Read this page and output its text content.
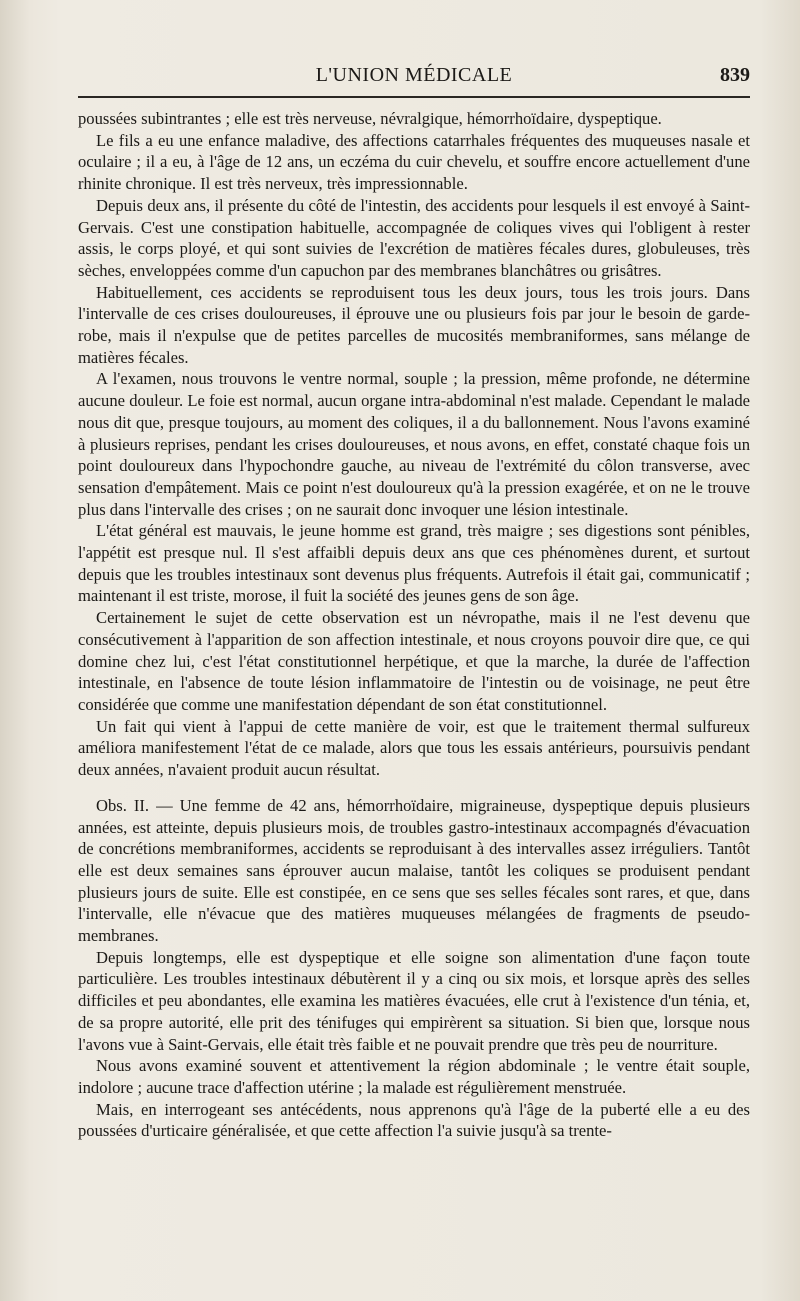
L'UNION MÉDICALE	839

poussées subintrantes ; elle est très nerveuse, névralgique, hémorrhoïdaire, dyspeptique.

Le fils a eu une enfance maladive, des affections catarrhales fréquentes des muqueuses nasale et oculaire ; il a eu, à l'âge de 12 ans, un eczéma du cuir chevelu, et souffre encore actuellement d'une rhinite chronique. Il est très nerveux, très impressionnable.

Depuis deux ans, il présente du côté de l'intestin, des accidents pour lesquels il est envoyé à Saint-Gervais. C'est une constipation habituelle, accompagnée de coliques vives qui l'obligent à rester assis, le corps ployé, et qui sont suivies de l'excrétion de matières fécales dures, globuleuses, très sèches, enveloppées comme d'un capuchon par des membranes blanchâtres ou grisâtres.

Habituellement, ces accidents se reproduisent tous les deux jours, tous les trois jours. Dans l'intervalle de ces crises douloureuses, il éprouve une ou plusieurs fois par jour le besoin de garde-robe, mais il n'expulse que de petites parcelles de mucosités membraniformes, sans mélange de matières fécales.

A l'examen, nous trouvons le ventre normal, souple ; la pression, même profonde, ne détermine aucune douleur. Le foie est normal, aucun organe intra-abdominal n'est malade. Cependant le malade nous dit que, presque toujours, au moment des coliques, il a du ballonnement. Nous l'avons examiné à plusieurs reprises, pendant les crises douloureuses, et nous avons, en effet, constaté chaque fois un point douloureux dans l'hypochondre gauche, au niveau de l'extrémité du côlon transverse, avec sensation d'empâtement. Mais ce point n'est douloureux qu'à la pression exagérée, et on ne le trouve plus dans l'intervalle des crises ; on ne saurait donc invoquer une lésion intestinale.

L'état général est mauvais, le jeune homme est grand, très maigre ; ses digestions sont pénibles, l'appétit est presque nul. Il s'est affaibli depuis deux ans que ces phénomènes durent, et surtout depuis que les troubles intestinaux sont devenus plus fréquents. Autrefois il était gai, communicatif ; maintenant il est triste, morose, il fuit la société des jeunes gens de son âge.

Certainement le sujet de cette observation est un névropathe, mais il ne l'est devenu que consécutivement à l'apparition de son affection intestinale, et nous croyons pouvoir dire que, ce qui domine chez lui, c'est l'état constitutionnel herpétique, et que la marche, la durée de l'affection intestinale, en l'absence de toute lésion inflammatoire de l'intestin ou de voisinage, ne peut être considérée que comme une manifestation dépendant de son état constitutionnel.

Un fait qui vient à l'appui de cette manière de voir, est que le traitement thermal sulfureux améliora manifestement l'état de ce malade, alors que tous les essais antérieurs, poursuivis pendant deux années, n'avaient produit aucun résultat.

Obs. II. — Une femme de 42 ans, hémorrhoïdaire, migraineuse, dyspeptique depuis plusieurs années, est atteinte, depuis plusieurs mois, de troubles gastro-intestinaux accompagnés d'évacuation de concrétions membraniformes, accidents se reproduisant à des intervalles assez irréguliers. Tantôt elle est deux semaines sans éprouver aucun malaise, tantôt les coliques se produisent pendant plusieurs jours de suite. Elle est constipée, en ce sens que ses selles fécales sont rares, et que, dans l'intervalle, elle n'évacue que des matières muqueuses mélangées de fragments de pseudo-membranes.

Depuis longtemps, elle est dyspeptique et elle soigne son alimentation d'une façon toute particulière. Les troubles intestinaux débutèrent il y a cinq ou six mois, et lorsque après des selles difficiles et peu abondantes, elle examina les matières évacuées, elle crut à l'existence d'un ténia, et, de sa propre autorité, elle prit des ténifuges qui empirèrent sa situation. Si bien que, lorsque nous l'avons vue à Saint-Gervais, elle était très faible et ne pouvait prendre que très peu de nourriture.

Nous avons examiné souvent et attentivement la région abdominale ; le ventre était souple, indolore ; aucune trace d'affection utérine ; la malade est régulièrement menstruée.

Mais, en interrogeant ses antécédents, nous apprenons qu'à l'âge de la puberté elle a eu des poussées d'urticaire généralisée, et que cette affection l'a suivie jusqu'à sa trente-
